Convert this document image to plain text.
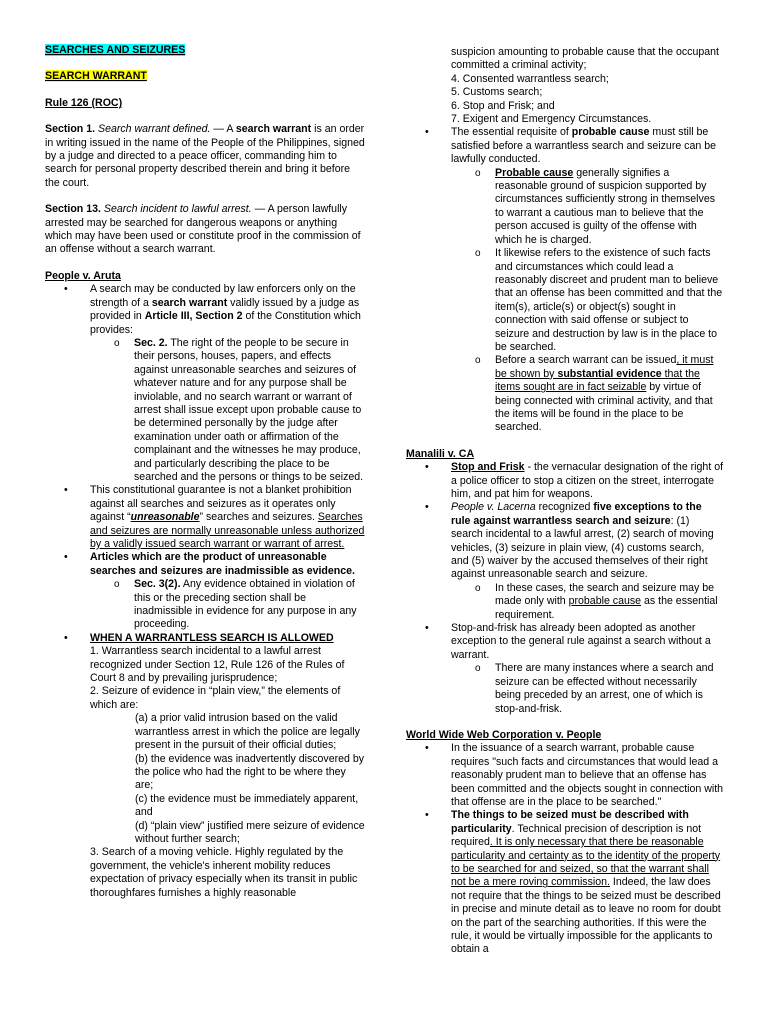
SEARCHES AND SEIZURES

SEARCH WARRANT

Rule 126 (ROC)

Section 1. Search warrant defined. — A search warrant is an order in writing issued in the name of the People of the Philippines, signed by a judge and directed to a peace officer, commanding him to search for personal property described therein and bring it before the court.

Section 13. Search incident to lawful arrest. — A person lawfully arrested may be searched for dangerous weapons or anything which may have been used or constitute proof in the commission of an offense without a search warrant.

People v. Aruta

• A search may be conducted by law enforcers only on the strength of a search warrant validly issued by a judge as provided in Article III, Section 2 of the Constitution which provides:
o Sec. 2. The right of the people to be secure in their persons, houses, papers, and effects against unreasonable searches and seizures of whatever nature and for any purpose shall be inviolable, and no search warrant or warrant of arrest shall issue except upon probable cause to be determined personally by the judge after examination under oath or affirmation of the complainant and the witnesses he may produce, and particularly describing the place to be searched and the persons or things to be seized.
• This constitutional guarantee is not a blanket prohibition against all searches and seizures as it operates only against “unreasonable” searches and seizures. Searches and seizures are normally unreasonable unless authorized by a validly issued search warrant or warrant of arrest.
• Articles which are the product of unreasonable searches and seizures are inadmissible as evidence.
o Sec. 3(2). Any evidence obtained in violation of this or the preceding section shall be inadmissible in evidence for any purpose in any proceeding.
• WHEN A WARRANTLESS SEARCH IS ALLOWED

1. Warrantless search incidental to a lawful arrest recognized under Section 12, Rule 126 of the Rules of Court 8 and by prevailing jurisprudence;

2. Seizure of evidence in “plain view,” the elements of which are:

(a) a prior valid intrusion based on the valid warrantless arrest in which the police are legally present in the pursuit of their official duties;

(b) the evidence was inadvertently discovered by the police who had the right to be where they are;

(c) the evidence must be immediately apparent, and

(d) “plain view” justified mere seizure of evidence without further search;

3. Search of a moving vehicle. Highly regulated by the government, the vehicle's inherent mobility reduces expectation of privacy especially when its transit in public thoroughfares furnishes a highly reasonable

suspicion amounting to probable cause that the occupant committed a criminal activity;

4. Consented warrantless search;

5. Customs search;

6. Stop and Frisk; and

7. Exigent and Emergency Circumstances.

• The essential requisite of probable cause must still be satisfied before a warrantless search and seizure can be lawfully conducted.
o Probable cause generally signifies a reasonable ground of suspicion supported by circumstances sufficiently strong in themselves to warrant a cautious man to believe that the person accused is guilty of the offense with which he is charged.
o It likewise refers to the existence of such facts and circumstances which could lead a reasonably discreet and prudent man to believe that an offense has been committed and that the item(s), article(s) or object(s) sought in connection with said offense or subject to seizure and destruction by law is in the place to be searched.
o Before a search warrant can be issued, it must be shown by substantial evidence that the items sought are in fact seizable by virtue of being connected with criminal activity, and that the items will be found in the place to be searched.

Manalili v. CA

• Stop and Frisk - the vernacular designation of the right of a police officer to stop a citizen on the street, interrogate him, and pat him for weapons.
• People v. Lacerna recognized five exceptions to the rule against warrantless search and seizure: (1) search incidental to a lawful arrest, (2) search of moving vehicles, (3) seizure in plain view, (4) customs search, and (5) waiver by the accused themselves of their right against unreasonable search and seizure.
o In these cases, the search and seizure may be made only with probable cause as the essential requirement.
• Stop-and-frisk has already been adopted as another exception to the general rule against a search without a warrant.
o There are many instances where a search and seizure can be effected without necessarily being preceded by an arrest, one of which is stop-and-frisk.

World Wide Web Corporation v. People

• In the issuance of a search warrant, probable cause requires "such facts and circumstances that would lead a reasonably prudent man to believe that an offense has been committed and the objects sought in connection with that offense are in the place to be searched."
• The things to be seized must be described with particularity. Technical precision of description is not required. It is only necessary that there be reasonable particularity and certainty as to the identity of the property to be searched for and seized, so that the warrant shall not be a mere roving commission. Indeed, the law does not require that the things to be seized must be described in precise and minute detail as to leave no room for doubt on the part of the searching authorities. If this were the rule, it would be virtually impossible for the applicants to obtain a
